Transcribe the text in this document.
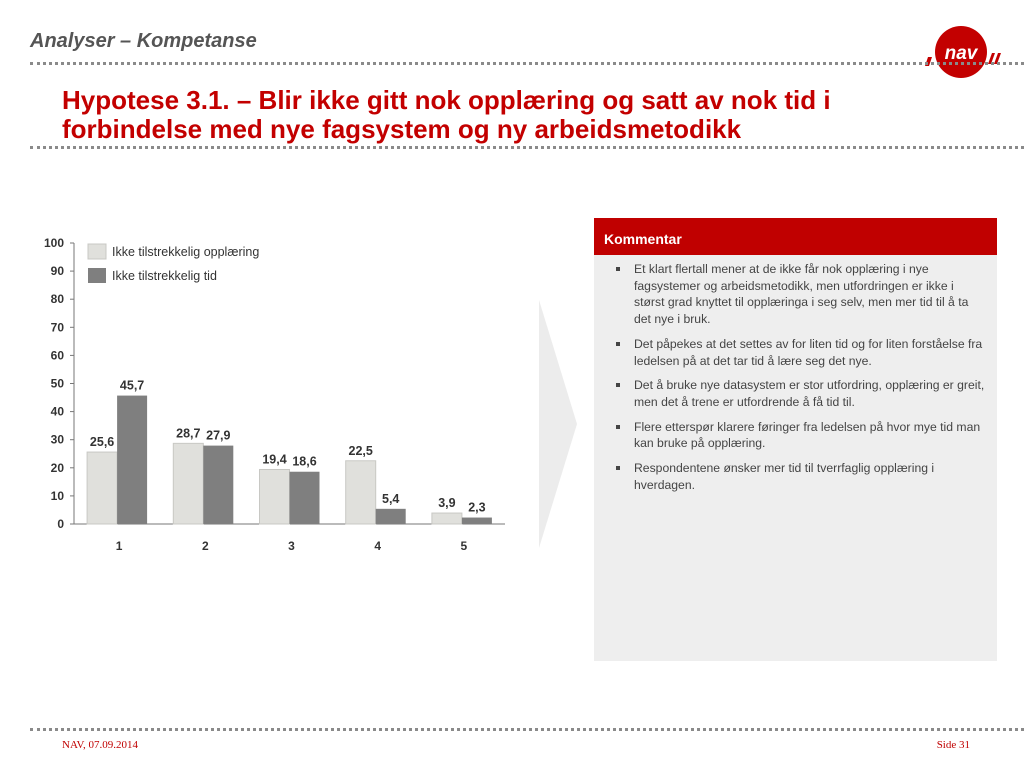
Analyser – Kompetanse
nav
Hypotese 3.1. – Blir ikke gitt nok opplæring og satt av nok tid i
forbindelse med nye fagsystem og ny arbeidsmetodikk
0
10
20
30
40
50
60
70
80
90
100
25,6
45,7
1
28,7 27,9
2
19,4 18,6
3
22,5
5,4
4
3,9 2,3
5
Ikke tilstrekkelig opplæring
Ikke tilstrekkelig tid
Kommentar
Et klart flertall mener at de ikke får nok opplæring i nye fagsystemer og arbeidsmetodikk, men utfordringen er ikke i størst grad knyttet til opplæringa i seg selv, men mer tid til å ta det nye i bruk.
Det påpekes at det settes av for liten tid og for liten forståelse fra ledelsen på at det tar tid å lære seg det nye.
Det å bruke nye datasystem er stor utfordring, opplæring er greit, men det å trene er utfordrende å få tid til.
Flere etterspør klarere føringer fra ledelsen på hvor mye tid man kan bruke på opplæring.
Respondentene ønsker mer tid til tverrfaglig opplæring i hverdagen.
NAV, 07.09.2014	Side 31
